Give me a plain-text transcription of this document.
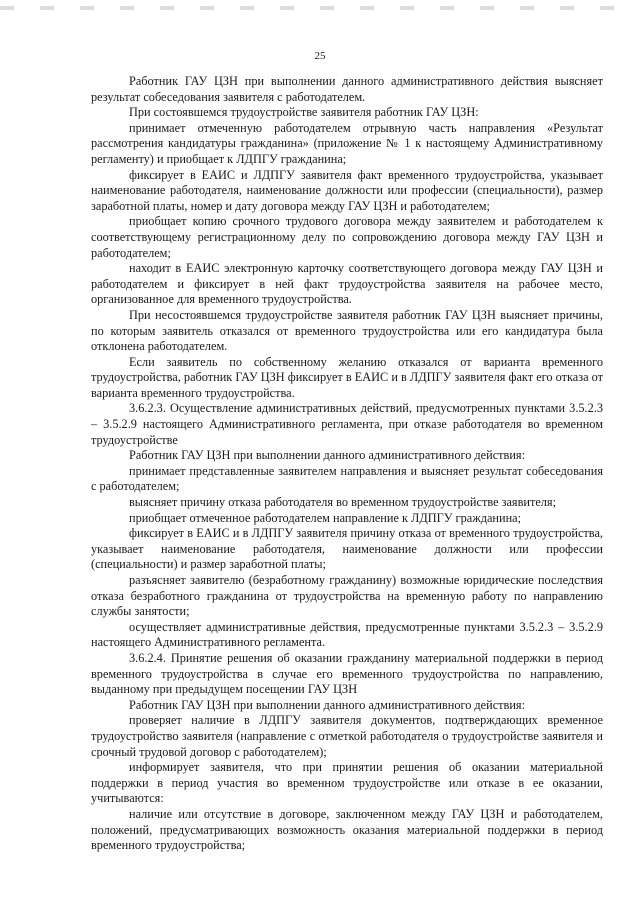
25

Работник ГАУ ЦЗН при выполнении данного административного действия выясняет результат собеседования заявителя с работодателем.

При состоявшемся трудоустройстве заявителя работник ГАУ ЦЗН:

принимает отмеченную работодателем отрывную часть направления «Результат рассмотрения кандидатуры гражданина» (приложение № 1 к настоящему Административному регламенту) и приобщает к ЛДПГУ гражданина;

фиксирует в ЕАИС и ЛДПГУ заявителя факт временного трудоустройства, указывает наименование работодателя, наименование должности или профессии (специальности), размер заработной платы, номер и дату договора между ГАУ ЦЗН и работодателем;

приобщает копию срочного трудового договора между заявителем и работодателем к соответствующему регистрационному делу по сопровождению договора между ГАУ ЦЗН и работодателем;

находит в ЕАИС электронную карточку соответствующего договора между ГАУ ЦЗН и работодателем и фиксирует в ней факт трудоустройства заявителя на рабочее место, организованное для временного трудоустройства.

При несостоявшемся трудоустройстве заявителя работник ГАУ ЦЗН выясняет причины, по которым заявитель отказался от временного трудоустройства или его кандидатура была отклонена работодателем.

Если заявитель по собственному желанию отказался от варианта временного трудоустройства, работник ГАУ ЦЗН фиксирует в ЕАИС и в ЛДПГУ заявителя факт его отказа от варианта временного трудоустройства.

3.6.2.3. Осуществление административных действий, предусмотренных пунктами 3.5.2.3 – 3.5.2.9 настоящего Административного регламента, при отказе работодателя во временном трудоустройстве

Работник ГАУ ЦЗН при выполнении данного административного действия:

принимает представленные заявителем направления и выясняет результат собеседования с работодателем;

выясняет причину отказа работодателя во временном трудоустройстве заявителя;

приобщает отмеченное работодателем направление к ЛДПГУ гражданина;

фиксирует в ЕАИС и в ЛДПГУ заявителя причину отказа от временного трудоустройства, указывает наименование работодателя, наименование должности или профессии (специальности) и размер заработной платы;

разъясняет заявителю (безработному гражданину) возможные юридические последствия отказа безработного гражданина от трудоустройства на временную работу по направлению службы занятости;

осуществляет административные действия, предусмотренные пунктами 3.5.2.3 – 3.5.2.9 настоящего Административного регламента.

3.6.2.4. Принятие решения об оказании гражданину материальной поддержки в период временного трудоустройства в случае его временного трудоустройства по направлению, выданному при предыдущем посещении ГАУ ЦЗН

Работник ГАУ ЦЗН при выполнении данного административного действия:

проверяет наличие в ЛДПГУ заявителя документов, подтверждающих временное трудоустройство заявителя (направление с отметкой работодателя о трудоустройстве заявителя и срочный трудовой договор с работодателем);

информирует заявителя, что при принятии решения об оказании материальной поддержки в период участия во временном трудоустройстве или отказе в ее оказании, учитываются:

наличие или отсутствие в договоре, заключенном между ГАУ ЦЗН и работодателем, положений, предусматривающих возможность оказания материальной поддержки в период временного трудоустройства;
